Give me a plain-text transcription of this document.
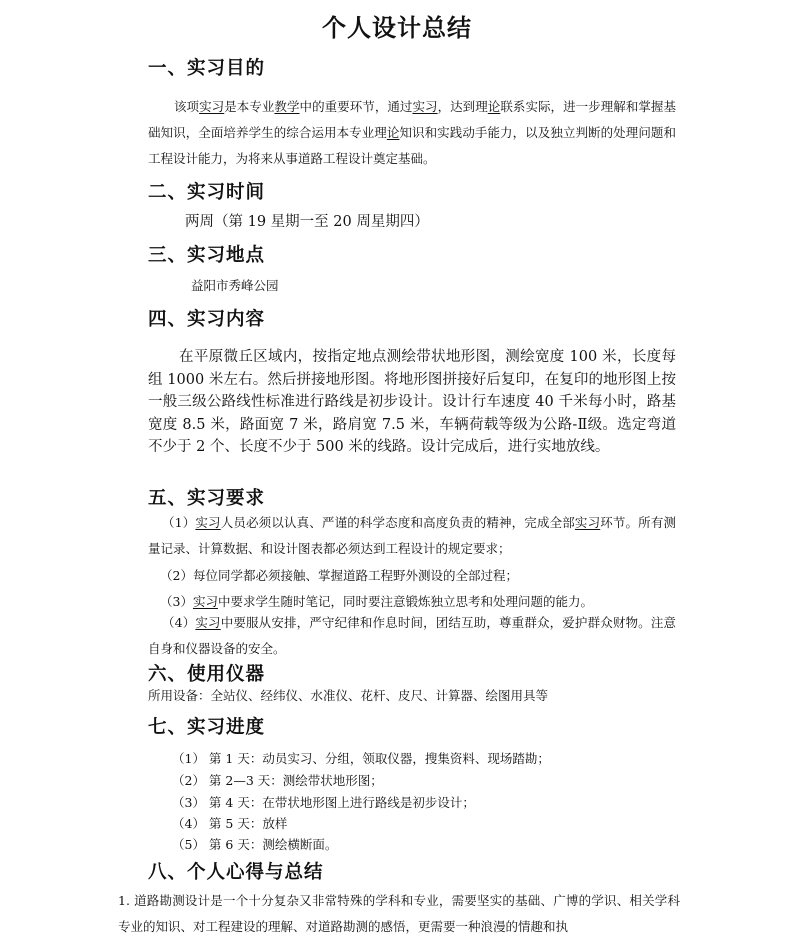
个人设计总结
一、实习目的

该项实习是本专业教学中的重要环节，通过实习，达到理论联系实际，进一步理解和掌握基础知识，全面培养学生的综合运用本专业理论知识和实践动手能力，以及独立判断的处理问题和工程设计能力，为将来从事道路工程设计奠定基础。

二、实习时间
两周（第 19 星期一至 20 周星期四）
三、实习地点
益阳市秀峰公园
四、实习内容

在平原微丘区域内，按指定地点测绘带状地形图，测绘宽度 100 米，长度每组 1000 米左右。然后拼接地形图。将地形图拼接好后复印，在复印的地形图上按一般三级公路线性标准进行路线是初步设计。设计行车速度 40 千米每小时，路基宽度 8.5 米，路面宽 7 米，路肩宽 7.5 米，车辆荷载等级为公路-Ⅱ级。选定弯道不少于 2 个、长度不少于 500 米的线路。设计完成后，进行实地放线。

五、实习要求

（1）实习人员必须以认真、严谨的科学态度和高度负责的精神，完成全部实习环节。所有测量记录、计算数据、和设计图表都必须达到工程设计的规定要求；

（2）每位同学都必须接触、掌握道路工程野外测设的全部过程；
（3）实习中要求学生随时笔记，同时要注意锻炼独立思考和处理问题的能力。

（4）实习中要服从安排，严守纪律和作息时间，团结互助，尊重群众，爱护群众财物。注意自身和仪器设备的安全。

六、使用仪器
所用设备：全站仪、经纬仪、水准仪、花杆、皮尺、计算器、绘图用具等
七、实习进度
（1） 第 1 天：动员实习、分组，领取仪器，搜集资料、现场踏勘；
（2） 第 2—3 天：测绘带状地形图；
（3） 第 4 天：在带状地形图上进行路线是初步设计；
（4） 第 5 天：放样
（5） 第 6 天：测绘横断面。
八、个人心得与总结

1. 道路勘测设计是一个十分复杂又非常特殊的学科和专业，需要坚实的基础、广博的学识、相关学科专业的知识、对工程建设的理解、对道路勘测的感悟，更需要一种浪漫的情趣和执
